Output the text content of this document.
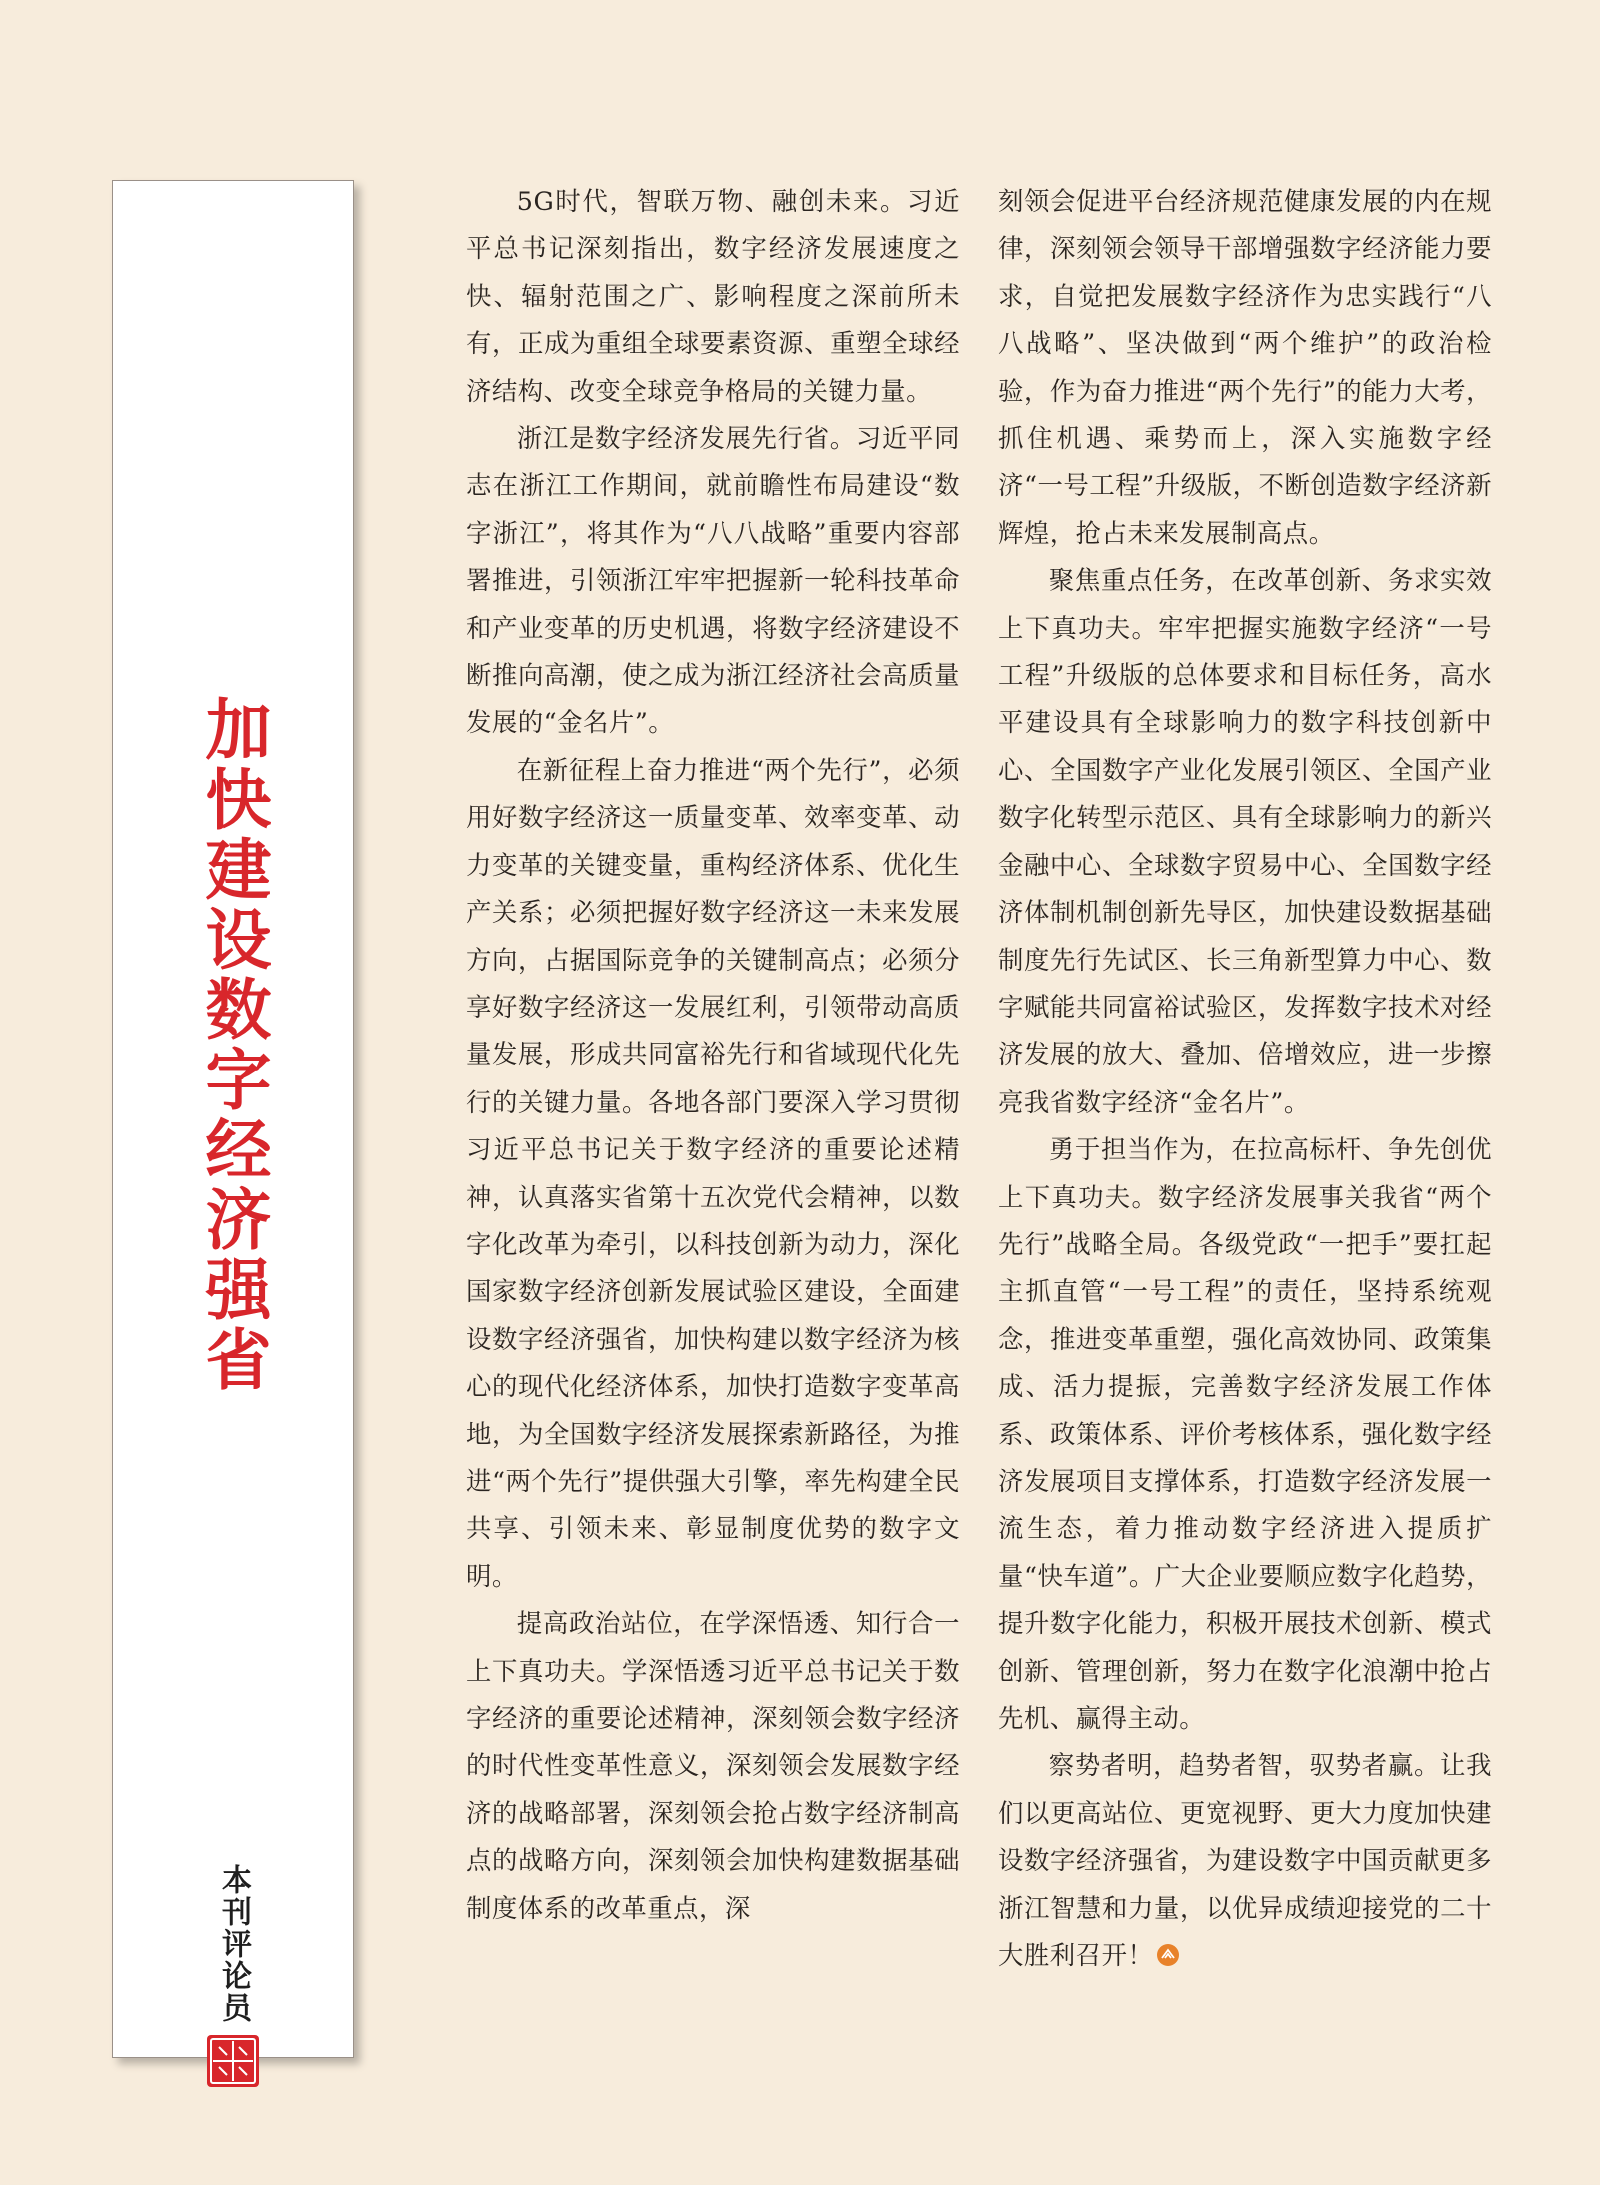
加快建设数字经济强省
本刊评论员

5G时代，智联万物、融创未来。习近平总书记深刻指出，数字经济发展速度之快、辐射范围之广、影响程度之深前所未有，正成为重组全球要素资源、重塑全球经济结构、改变全球竞争格局的关键力量。

浙江是数字经济发展先行省。习近平同志在浙江工作期间，就前瞻性布局建设“数字浙江”，将其作为“八八战略”重要内容部署推进，引领浙江牢牢把握新一轮科技革命和产业变革的历史机遇，将数字经济建设不断推向高潮，使之成为浙江经济社会高质量发展的“金名片”。

在新征程上奋力推进“两个先行”，必须用好数字经济这一质量变革、效率变革、动力变革的关键变量，重构经济体系、优化生产关系；必须把握好数字经济这一未来发展方向，占据国际竞争的关键制高点；必须分享好数字经济这一发展红利，引领带动高质量发展，形成共同富裕先行和省域现代化先行的关键力量。各地各部门要深入学习贯彻习近平总书记关于数字经济的重要论述精神，认真落实省第十五次党代会精神，以数字化改革为牵引，以科技创新为动力，深化国家数字经济创新发展试验区建设，全面建设数字经济强省，加快构建以数字经济为核心的现代化经济体系，加快打造数字变革高地，为全国数字经济发展探索新路径，为推进“两个先行”提供强大引擎，率先构建全民共享、引领未来、彰显制度优势的数字文明。

提高政治站位，在学深悟透、知行合一上下真功夫。学深悟透习近平总书记关于数字经济的重要论述精神，深刻领会数字经济的时代性变革性意义，深刻领会发展数字经济的战略部署，深刻领会抢占数字经济制高点的战略方向，深刻领会加快构建数据基础制度体系的改革重点，深

刻领会促进平台经济规范健康发展的内在规律，深刻领会领导干部增强数字经济能力要求，自觉把发展数字经济作为忠实践行“八八战略”、坚决做到“两个维护”的政治检验，作为奋力推进“两个先行”的能力大考，抓住机遇、乘势而上，深入实施数字经济“一号工程”升级版，不断创造数字经济新辉煌，抢占未来发展制高点。

聚焦重点任务，在改革创新、务求实效上下真功夫。牢牢把握实施数字经济“一号工程”升级版的总体要求和目标任务，高水平建设具有全球影响力的数字科技创新中心、全国数字产业化发展引领区、全国产业数字化转型示范区、具有全球影响力的新兴金融中心、全球数字贸易中心、全国数字经济体制机制创新先导区，加快建设数据基础制度先行先试区、长三角新型算力中心、数字赋能共同富裕试验区，发挥数字技术对经济发展的放大、叠加、倍增效应，进一步擦亮我省数字经济“金名片”。

勇于担当作为，在拉高标杆、争先创优上下真功夫。数字经济发展事关我省“两个先行”战略全局。各级党政“一把手”要扛起主抓直管“一号工程”的责任，坚持系统观念，推进变革重塑，强化高效协同、政策集成、活力提振，完善数字经济发展工作体系、政策体系、评价考核体系，强化数字经济发展项目支撑体系，打造数字经济发展一流生态，着力推动数字经济进入提质扩量“快车道”。广大企业要顺应数字化趋势，提升数字化能力，积极开展技术创新、模式创新、管理创新，努力在数字化浪潮中抢占先机、赢得主动。

察势者明，趋势者智，驭势者赢。让我们以更高站位、更宽视野、更大力度加快建设数字经济强省，为建设数字中国贡献更多浙江智慧和力量，以优异成绩迎接党的二十大胜利召开！
